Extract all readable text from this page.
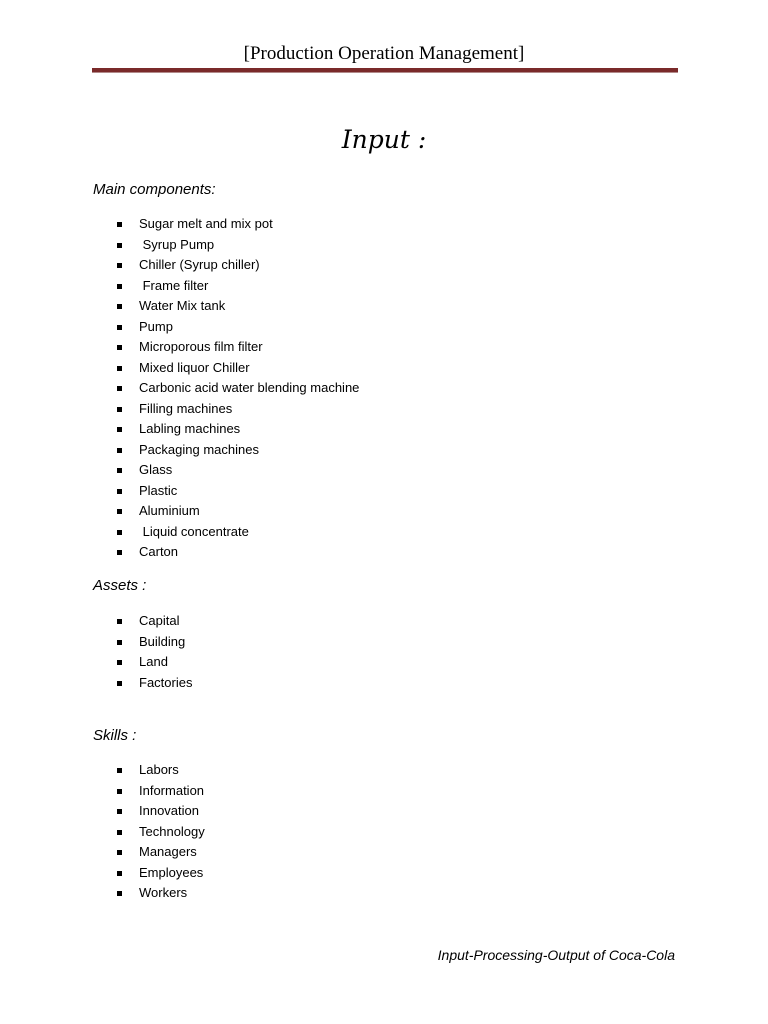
[Production Operation Management]
Input :
Main components:
Sugar melt and mix pot
Syrup Pump
Chiller (Syrup chiller)
Frame filter
Water Mix tank
Pump
Microporous film filter
Mixed liquor Chiller
Carbonic acid water blending machine
Filling machines
Labling machines
Packaging machines
Glass
Plastic
Aluminium
Liquid concentrate
Carton
Assets :
Capital
Building
Land
Factories
Skills :
Labors
Information
Innovation
Technology
Managers
Employees
Workers
Input-Processing-Output of Coca-Cola
